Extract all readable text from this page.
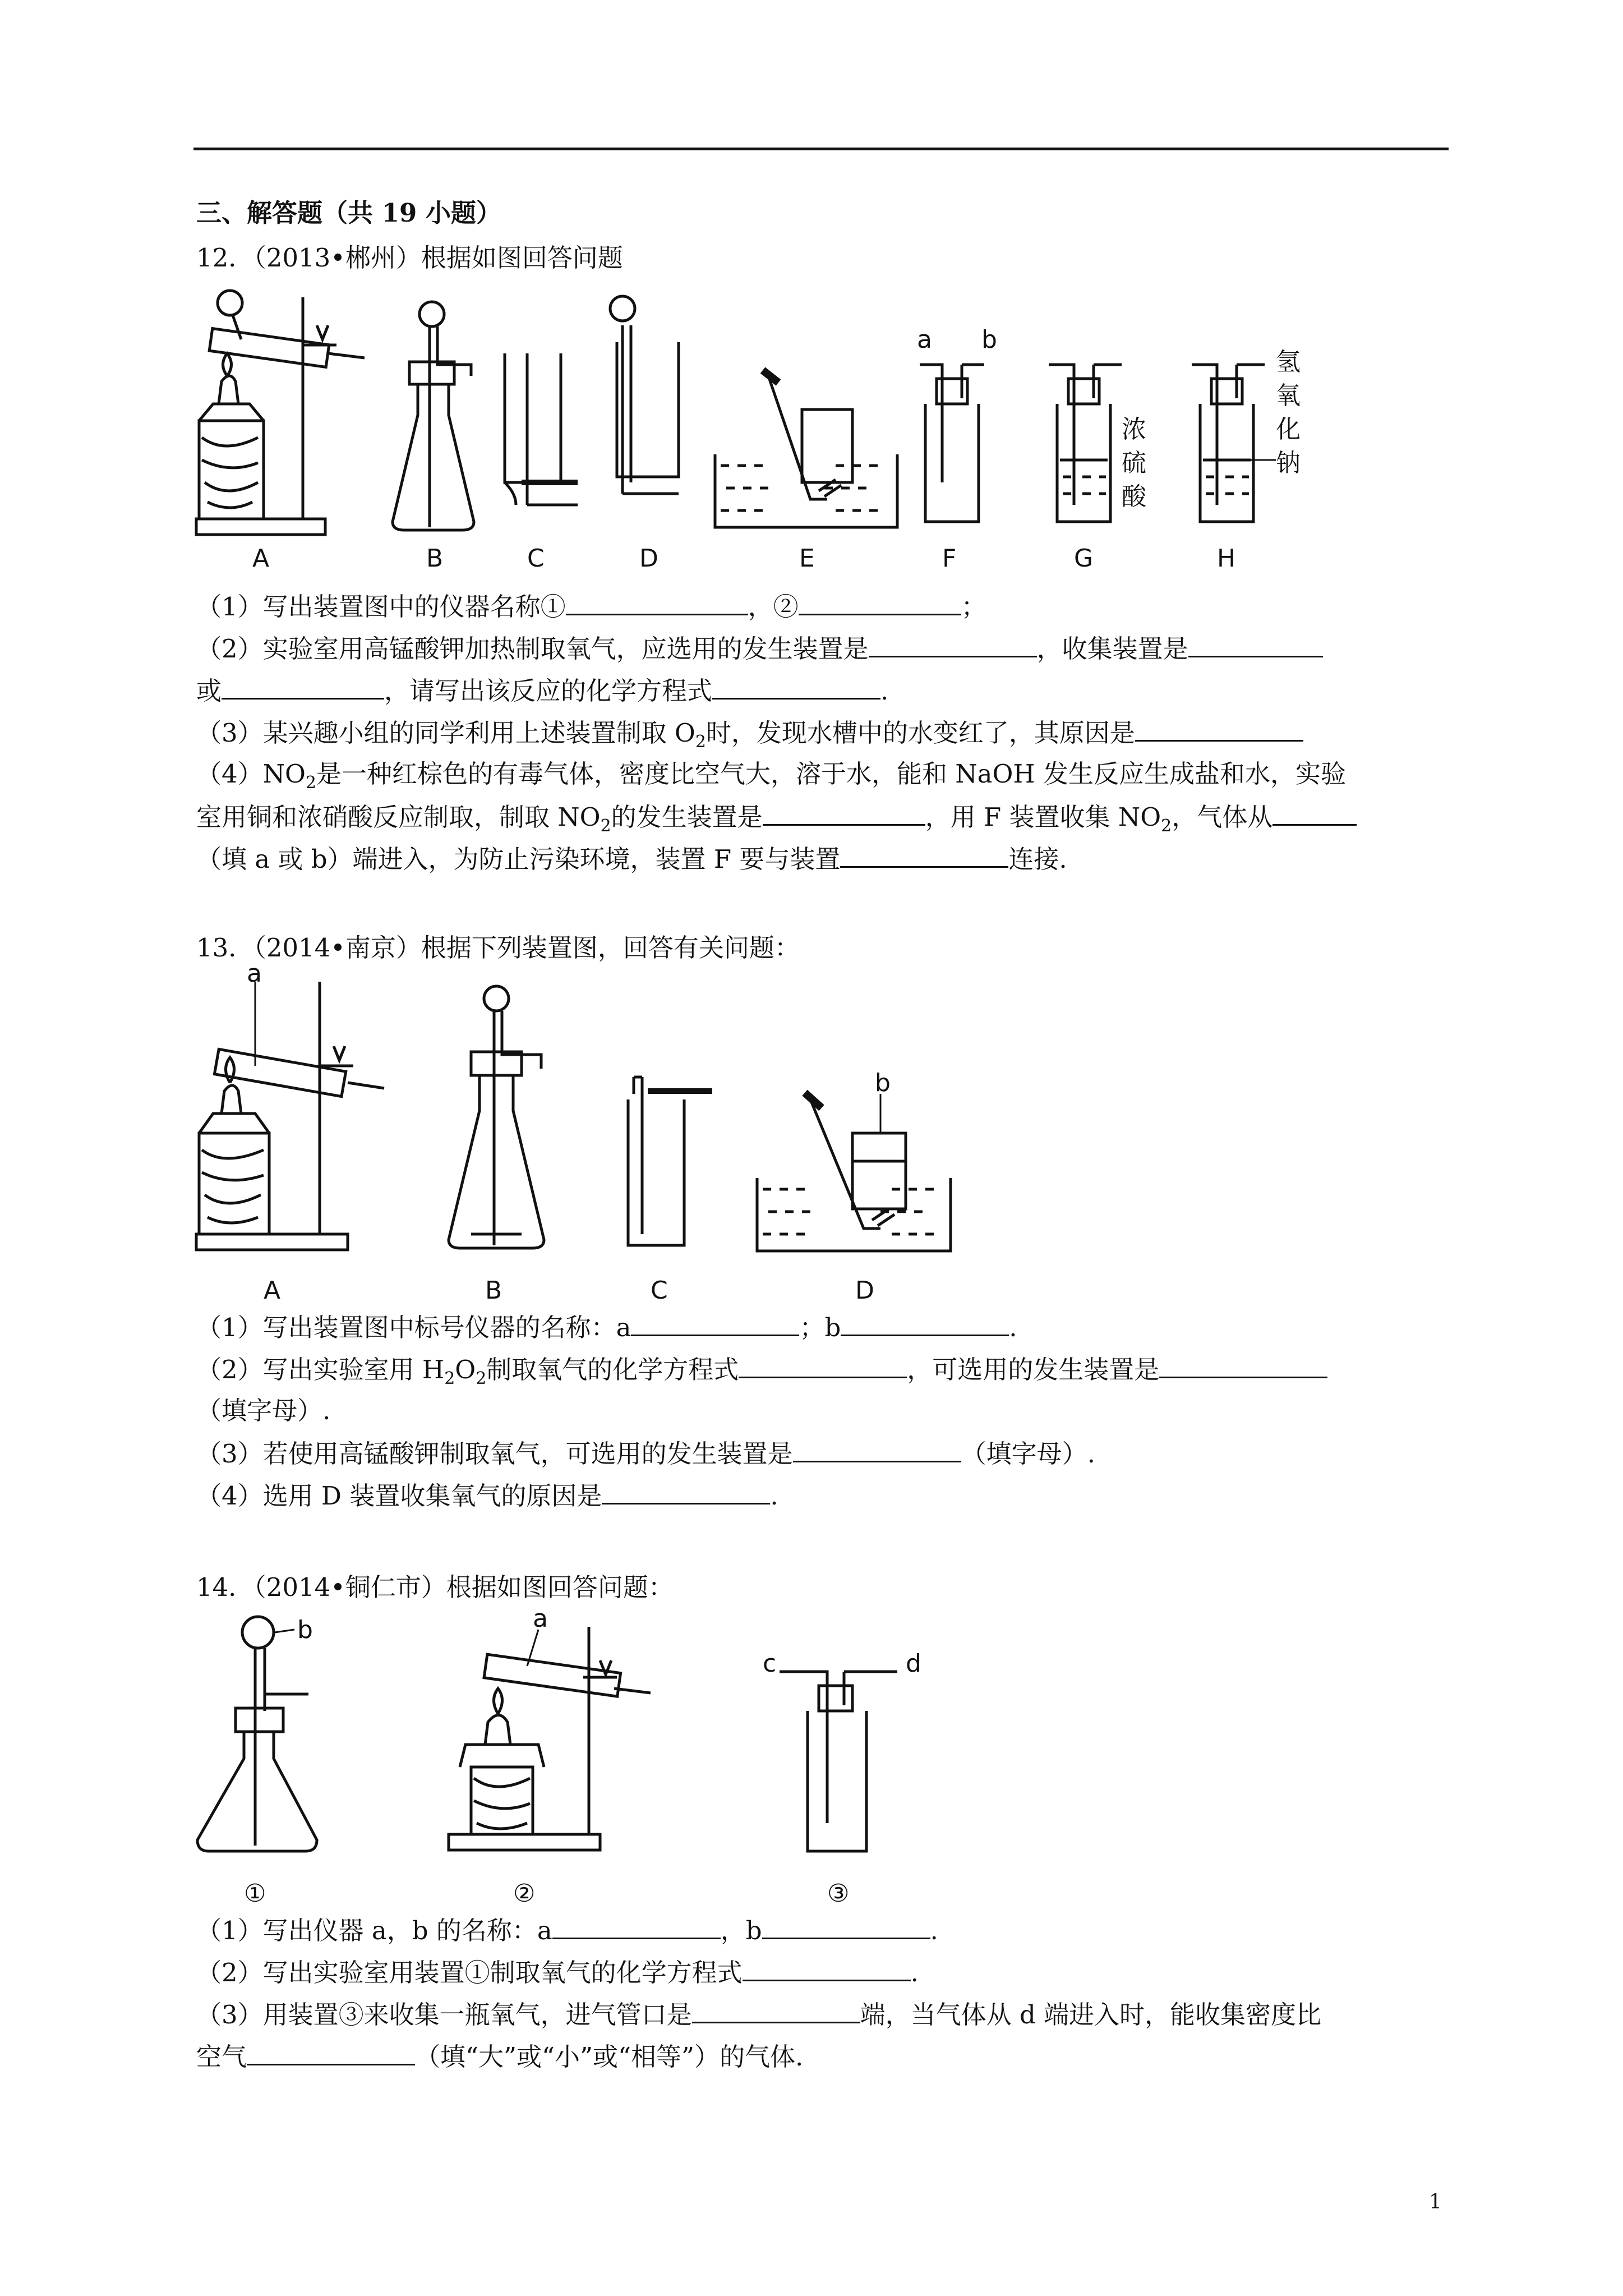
三、解答题（共 19 小题）
12．（2013•郴州）根据如图回答问题
A	B	C	D	E
a b
F
浓
硫
酸
G
氢
氧
化
钠
H
（1）写出装置图中的仪器名称①	，②	；
（2）实验室用高锰酸钾加热制取氧气，应选用的发生装置是	，收集装置是
或	，请写出该反应的化学方程式	.
（3）某兴趣小组的同学利用上述装置制取 $O_2$时，发现水槽中的水变红了，其原因是
$(4)NO_2$是一种红棕色的有毒气体，密度比空气大，溶于水，能和 NaOH 发生反应生成盐和水，实验
室用铜和浓硝酸反应制取，制取 $NO_2$的发生装置是	，用 F 装置收集 $NO_2$，气体从
（填 a 或 b）端进入，为防止污染环境，装置 F 要与装置	连接.
13．（2014•南京）根据下列装置图，回答有关问题：
a
A	B	C
b
D
（1）写出装置图中标号仪器的名称：a	；b	.
（2）写出实验室用 $H_2O_2$制取氧气的化学方程式	，可选用的发生装置是
（填字母）.
（3）若使用高锰酸钾制取氧气，可选用的发生装置是	（填字母）.
（4）选用 D 装置收集氧气的原因是	.
14．（2014•铜仁市）根据如图回答问题：
b
①
a
②
c	d
③
（1）写出仪器 a，b 的名称：a	，b	.
（2）写出实验室用装置①制取氧气的化学方程式	.
（3）用装置③来收集一瓶氧气，进气管口是	端，当气体从 d 端进入时，能收集密度比
空气	（填“大”或“小”或“相等”）的气体.
1
